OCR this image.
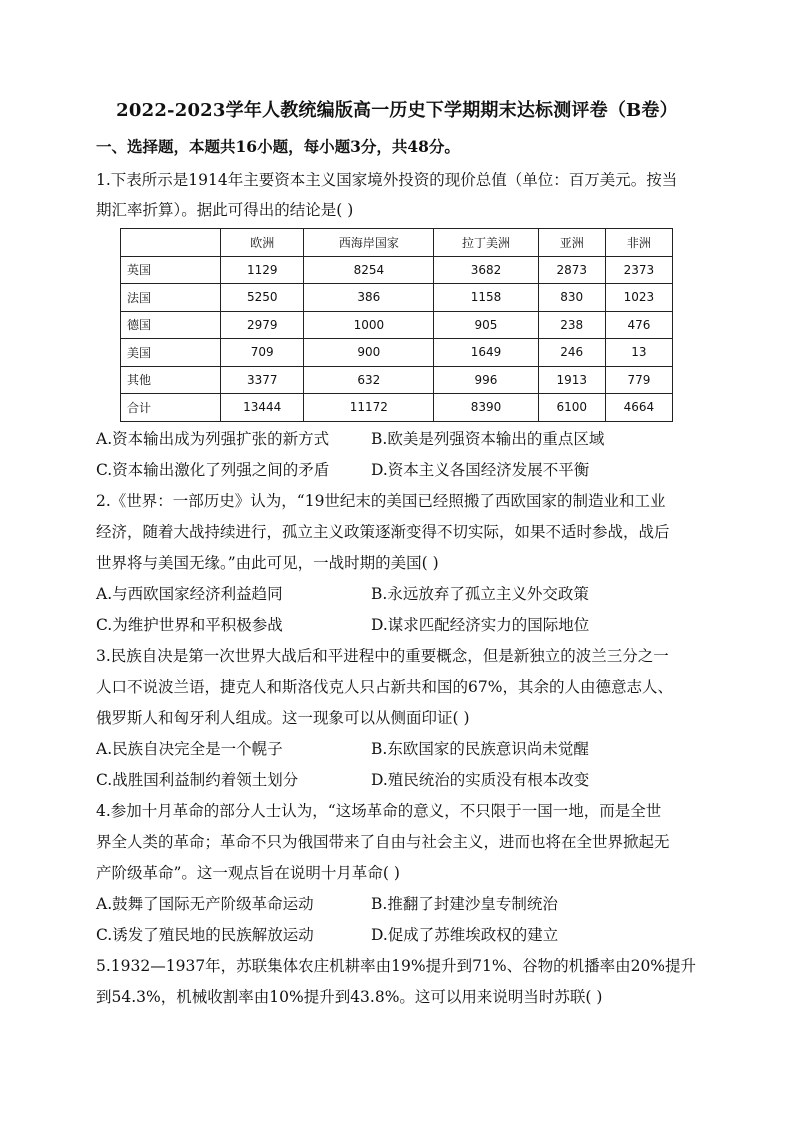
2022-2023学年人教统编版高一历史下学期期末达标测评卷（B卷）
一、选择题，本题共16小题，每小题3分，共48分。
1.下表所示是1914年主要资本主义国家境外投资的现价总值（单位：百万美元。按当
期汇率折算）。据此可得出的结论是( )
	欧洲	西海岸国家	拉丁美洲	亚洲	非洲
英国	1129	8254	3682	2873	2373
法国	5250	386	1158	830	1023
德国	2979	1000	905	238	476
美国	709	900	1649	246	13
其他	3377	632	996	1913	779
合计	13444	11172	8390	6100	4664
A.资本输出成为列强扩张的新方式	B.欧美是列强资本输出的重点区域
C.资本输出激化了列强之间的矛盾	D.资本主义各国经济发展不平衡
2.《世界：一部历史》认为，“19世纪末的美国已经照搬了西欧国家的制造业和工业
经济，随着大战持续进行，孤立主义政策逐渐变得不切实际，如果不适时参战，战后
世界将与美国无缘。”由此可见，一战时期的美国( )
A.与西欧国家经济利益趋同	B.永远放弃了孤立主义外交政策
C.为维护世界和平积极参战	D.谋求匹配经济实力的国际地位
3.民族自决是第一次世界大战后和平进程中的重要概念，但是新独立的波兰三分之一
人口不说波兰语，捷克人和斯洛伐克人只占新共和国的67%，其余的人由德意志人、
俄罗斯人和匈牙利人组成。这一现象可以从侧面印证( )
A.民族自决完全是一个幌子	B.东欧国家的民族意识尚未觉醒
C.战胜国利益制约着领土划分	D.殖民统治的实质没有根本改变
4.参加十月革命的部分人士认为，“这场革命的意义，不只限于一国一地，而是全世
界全人类的革命；革命不只为俄国带来了自由与社会主义，进而也将在全世界掀起无
产阶级革命”。这一观点旨在说明十月革命( )
A.鼓舞了国际无产阶级革命运动	B.推翻了封建沙皇专制统治
C.诱发了殖民地的民族解放运动	D.促成了苏维埃政权的建立
5.1932—1937年，苏联集体农庄机耕率由19%提升到71%、谷物的机播率由20%提升
到54.3%，机械收割率由10%提升到43.8%。这可以用来说明当时苏联( )
